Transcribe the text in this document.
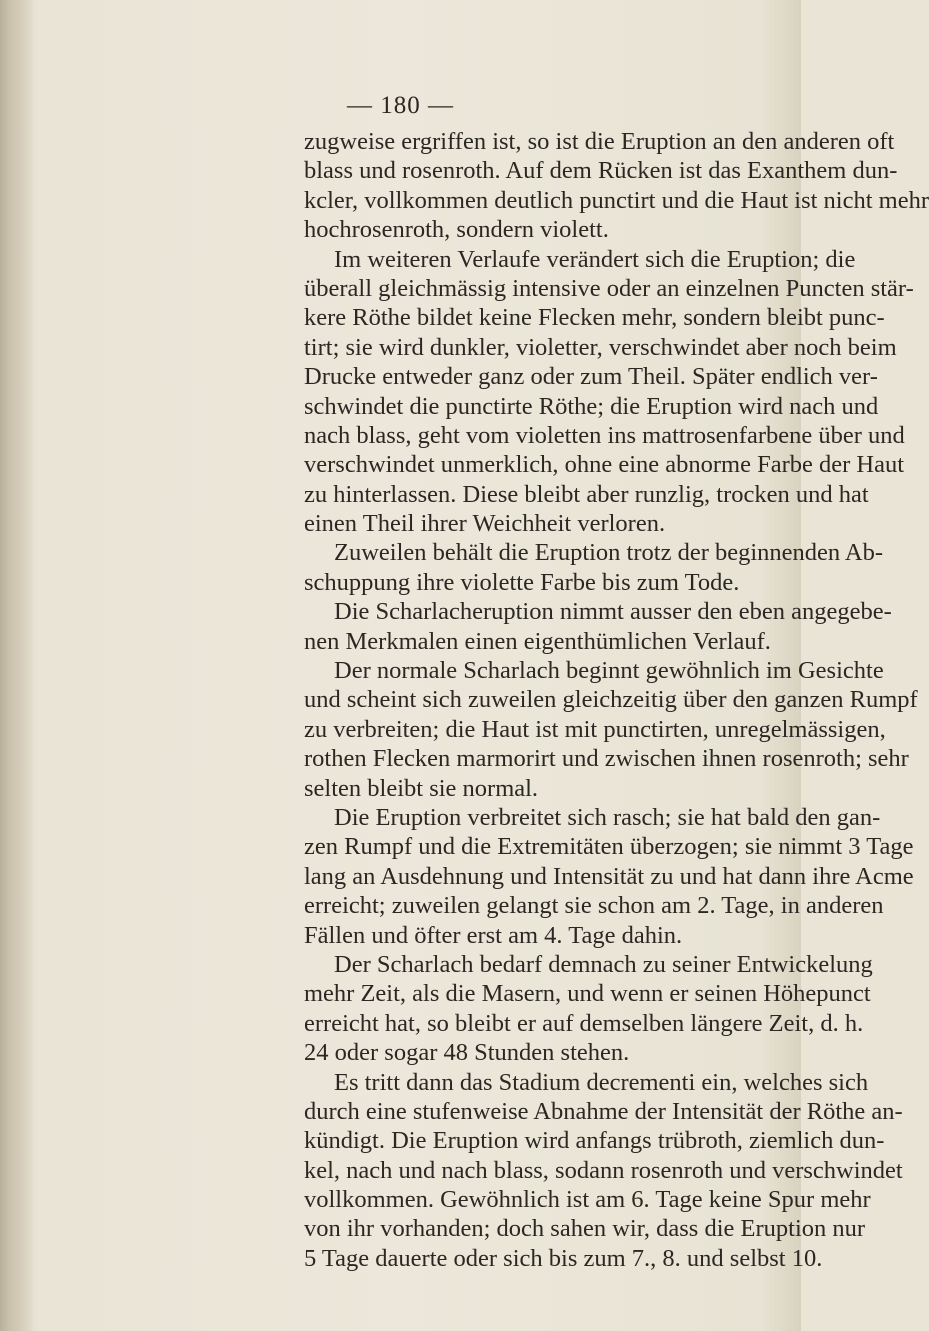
— 180 —
zugweise ergriffen ist, so ist die Eruption an den anderen oft
blass und rosenroth. Auf dem Rücken ist das Exanthem dun-
kcler, vollkommen deutlich punctirt und die Haut ist nicht mehr
hochrosenroth, sondern violett.
Im weiteren Verlaufe verändert sich die Eruption; die
überall gleichmässig intensive oder an einzelnen Puncten stär-
kere Röthe bildet keine Flecken mehr, sondern bleibt punc-
tirt; sie wird dunkler, violetter, verschwindet aber noch beim
Drucke entweder ganz oder zum Theil. Später endlich ver-
schwindet die punctirte Röthe; die Eruption wird nach und
nach blass, geht vom violetten ins mattrosenfarbene über und
verschwindet unmerklich, ohne eine abnorme Farbe der Haut
zu hinterlassen. Diese bleibt aber runzlig, trocken und hat
einen Theil ihrer Weichheit verloren.
Zuweilen behält die Eruption trotz der beginnenden Ab-
schuppung ihre violette Farbe bis zum Tode.
Die Scharlacheruption nimmt ausser den eben angegebe-
nen Merkmalen einen eigenthümlichen Verlauf.
Der normale Scharlach beginnt gewöhnlich im Gesichte
und scheint sich zuweilen gleichzeitig über den ganzen Rumpf
zu verbreiten; die Haut ist mit punctirten, unregelmässigen,
rothen Flecken marmorirt und zwischen ihnen rosenroth; sehr
selten bleibt sie normal.
Die Eruption verbreitet sich rasch; sie hat bald den gan-
zen Rumpf und die Extremitäten überzogen; sie nimmt 3 Tage
lang an Ausdehnung und Intensität zu und hat dann ihre Acme
erreicht; zuweilen gelangt sie schon am 2. Tage, in anderen
Fällen und öfter erst am 4. Tage dahin.
Der Scharlach bedarf demnach zu seiner Entwickelung
mehr Zeit, als die Masern, und wenn er seinen Höhepunct
erreicht hat, so bleibt er auf demselben längere Zeit, d. h.
24 oder sogar 48 Stunden stehen.
Es tritt dann das Stadium decrementi ein, welches sich
durch eine stufenweise Abnahme der Intensität der Röthe an-
kündigt. Die Eruption wird anfangs trübroth, ziemlich dun-
kel, nach und nach blass, sodann rosenroth und verschwindet
vollkommen. Gewöhnlich ist am 6. Tage keine Spur mehr
von ihr vorhanden; doch sahen wir, dass die Eruption nur
5 Tage dauerte oder sich bis zum 7., 8. und selbst 10.
